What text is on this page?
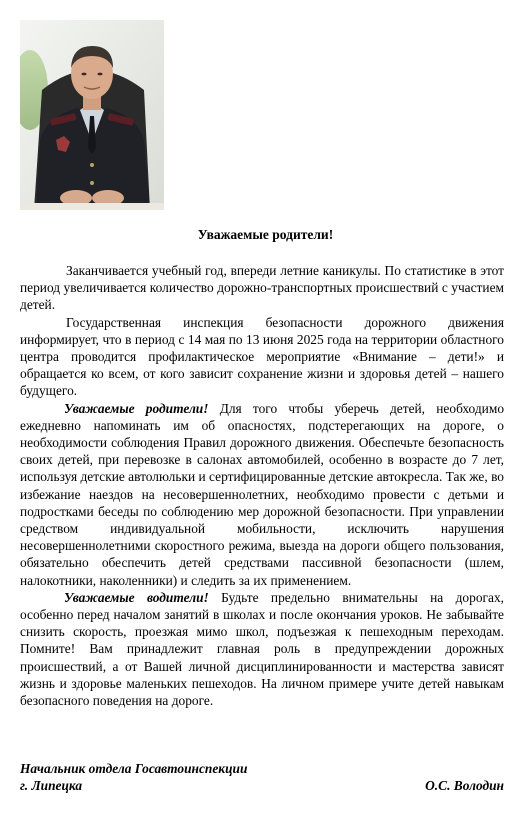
Уважаемые родители!

Заканчивается учебный год, впереди летние каникулы. По статистике в этот период увеличивается количество дорожно-транспортных происшествий с участием детей.

Государственная инспекция безопасности дорожного движения информирует, что в период с 14 мая по 13 июня 2025 года на территории областного центра проводится профилактическое мероприятие «Внимание – дети!» и обращается ко всем, от кого зависит сохранение жизни и здоровья детей – нашего будущего.

Уважаемые родители! Для того чтобы уберечь детей, необходимо ежедневно напоминать им об опасностях, подстерегающих на дороге, о необходимости соблюдения Правил дорожного движения. Обеспечьте безопасность своих детей, при перевозке в салонах автомобилей, особенно в возрасте до 7 лет, используя детские автолюльки и сертифицированные детские автокресла. Так же, во избежание наездов на несовершеннолетних, необходимо провести с детьми и подростками беседы по соблюдению мер дорожной безопасности. При управлении средством индивидуальной мобильности, исключить нарушения несовершеннолетними скоростного режима, выезда на дороги общего пользования, обязательно обеспечить детей средствами пассивной безопасности (шлем, налокотники, наколенники) и следить за их применением.

Уважаемые водители! Будьте предельно внимательны на дорогах, особенно перед началом занятий в школах и после окончания уроков. Не забывайте снизить скорость, проезжая мимо школ, подъезжая к пешеходным переходам. Помните! Вам принадлежит главная роль в предупреждении дорожных происшествий, а от Вашей личной дисциплинированности и мастерства зависят жизнь и здоровье маленьких пешеходов. На личном примере учите детей навыкам безопасного поведения на дороге.

Начальник отдела Госавтоинспекции
г. Липецка	О.С. Володин
